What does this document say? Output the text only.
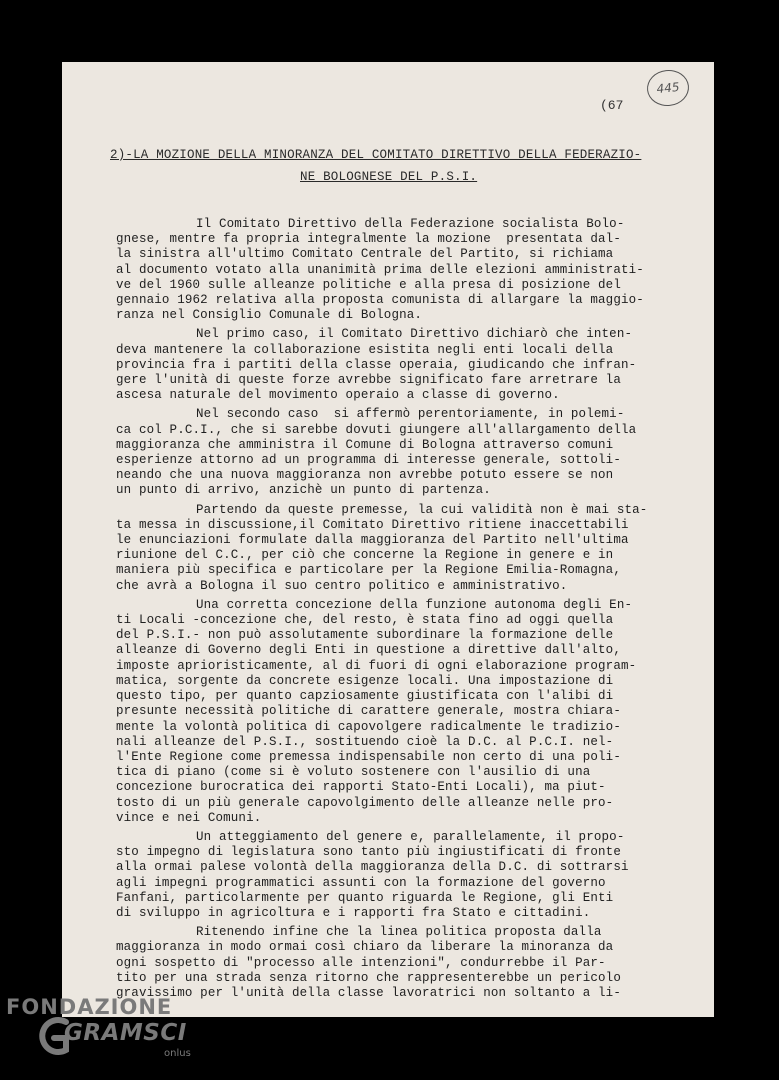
445
(67
2)-LA MOZIONE DELLA MINORANZA DEL COMITATO DIRETTIVO DELLA FEDERAZIO-
NE BOLOGNESE DEL P.S.I.
Il Comitato Direttivo della Federazione socialista Bolo-
gnese, mentre fa propria integralmente la mozione  presentata dal-
la sinistra all'ultimo Comitato Centrale del Partito, si richiama
al documento votato alla unanimità prima delle elezioni amministrati-
ve del 1960 sulle alleanze politiche e alla presa di posizione del
gennaio 1962 relativa alla proposta comunista di allargare la maggio-
ranza nel Consiglio Comunale di Bologna.
Nel primo caso, il Comitato Direttivo dichiarò che inten-
deva mantenere la collaborazione esistita negli enti locali della
provincia fra i partiti della classe operaia, giudicando che infran-
gere l'unità di queste forze avrebbe significato fare arretrare la
ascesa naturale del movimento operaio a classe di governo.
Nel secondo caso  si affermò perentoriamente, in polemi-
ca col P.C.I., che si sarebbe dovuti giungere all'allargamento della
maggioranza che amministra il Comune di Bologna attraverso comuni
esperienze attorno ad un programma di interesse generale, sottoli-
neando che una nuova maggioranza non avrebbe potuto essere se non
un punto di arrivo, anzichè un punto di partenza.
Partendo da queste premesse, la cui validità non è mai sta-
ta messa in discussione,il Comitato Direttivo ritiene inaccettabili
le enunciazioni formulate dalla maggioranza del Partito nell'ultima
riunione del C.C., per ciò che concerne la Regione in genere e in
maniera più specifica e particolare per la Regione Emilia-Romagna,
che avrà a Bologna il suo centro politico e amministrativo.
Una corretta concezione della funzione autonoma degli En-
ti Locali -concezione che, del resto, è stata fino ad oggi quella
del P.S.I.- non può assolutamente subordinare la formazione delle
alleanze di Governo degli Enti in questione a direttive dall'alto,
imposte aprioristicamente, al di fuori di ogni elaborazione program-
matica, sorgente da concrete esigenze locali. Una impostazione di
questo tipo, per quanto capziosamente giustificata con l'alibi di
presunte necessità politiche di carattere generale, mostra chiara-
mente la volontà politica di capovolgere radicalmente le tradizio-
nali alleanze del P.S.I., sostituendo cioè la D.C. al P.C.I. nel-
l'Ente Regione come premessa indispensabile non certo di una poli-
tica di piano (come si è voluto sostenere con l'ausilio di una
concezione burocratica dei rapporti Stato-Enti Locali), ma piut-
tosto di un più generale capovolgimento delle alleanze nelle pro-
vince e nei Comuni.
Un atteggiamento del genere e, parallelamente, il propo-
sto impegno di legislatura sono tanto più ingiustificati di fronte
alla ormai palese volontà della maggioranza della D.C. di sottrarsi
agli impegni programmatici assunti con la formazione del governo
Fanfani, particolarmente per quanto riguarda le Regione, gli Enti
di sviluppo in agricoltura e i rapporti fra Stato e cittadini.
Ritenendo infine che la linea politica proposta dalla
maggioranza in modo ormai così chiaro da liberare la minoranza da
ogni sospetto di "processo alle intenzioni", condurrebbe il Par-
tito per una strada senza ritorno che rappresenterebbe un pericolo
gravissimo per l'unità della classe lavoratrici non soltanto a li-
FONDAZIONE
GRAMSCI
onlus
